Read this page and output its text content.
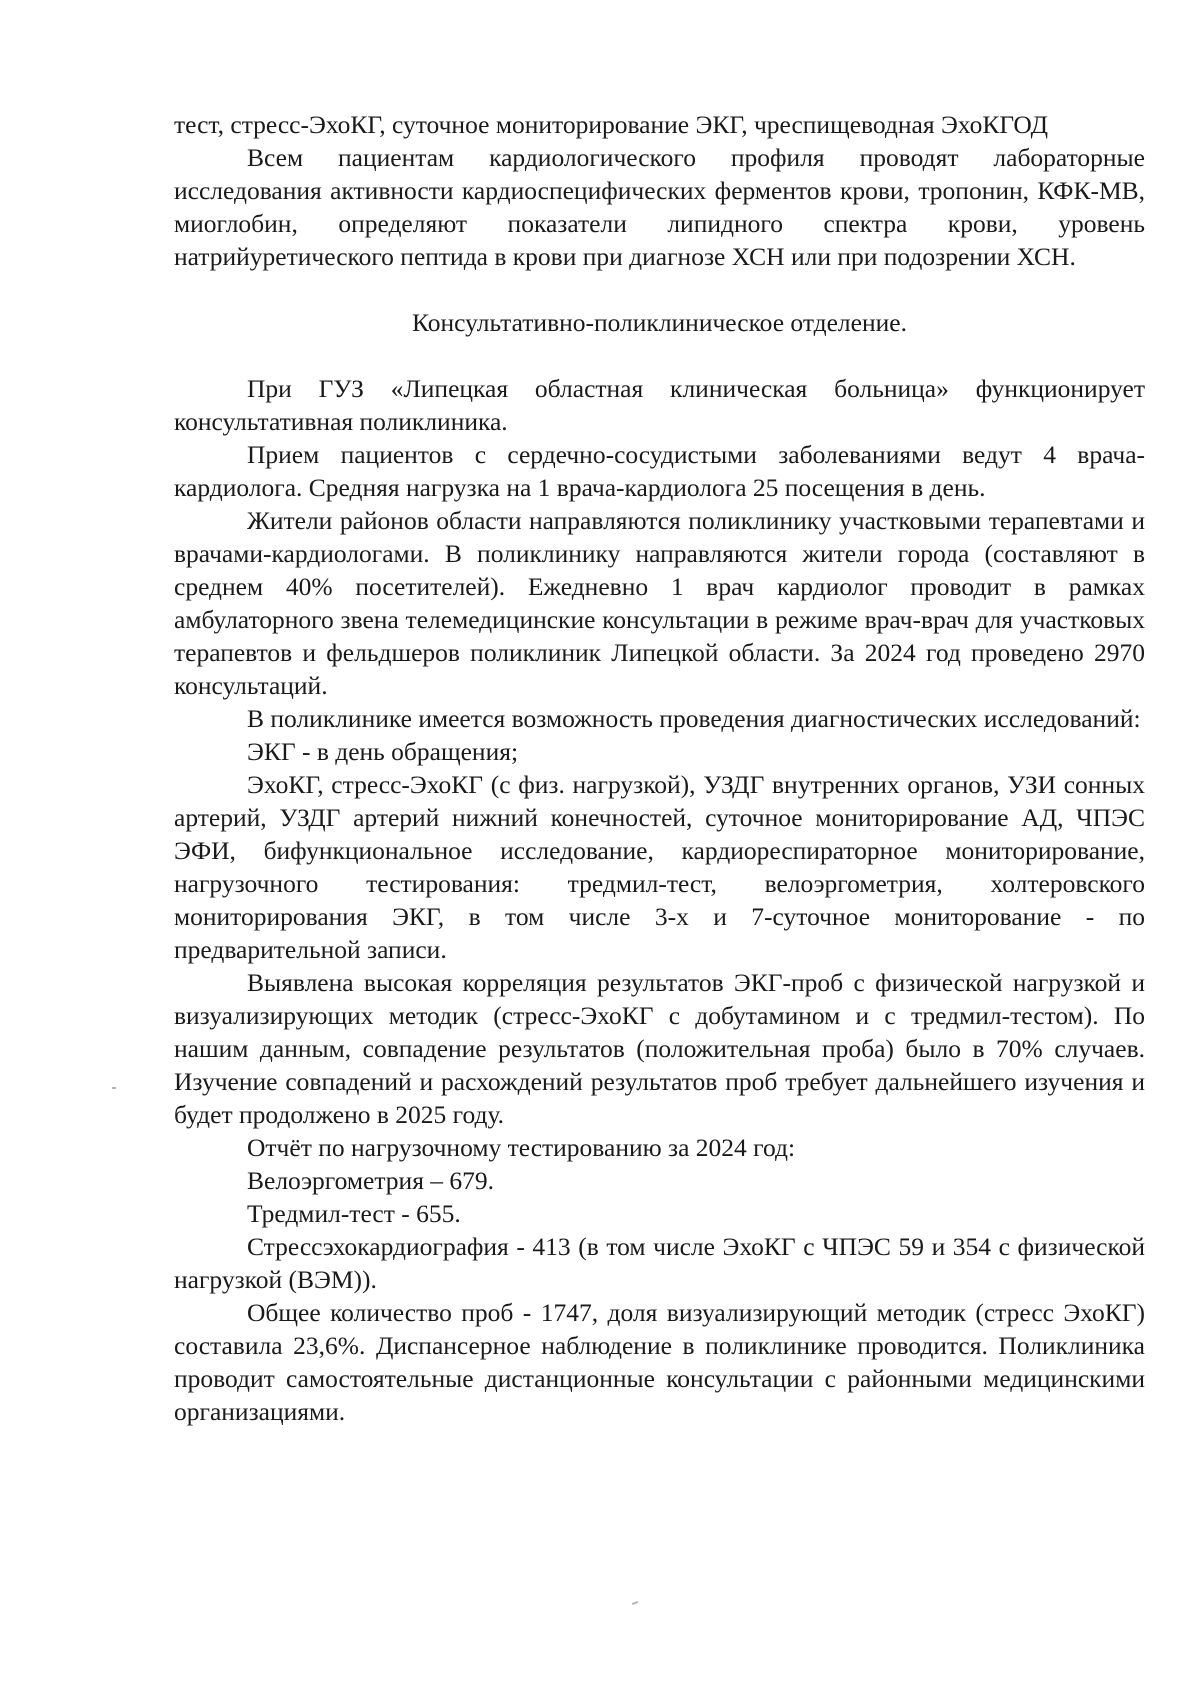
тест, стресс-ЭхоКГ, суточное мониторирование ЭКГ, чреспищеводная ЭхоКГОД

Всем пациентам кардиологического профиля проводят лабораторные исследования активности кардиоспецифических ферментов крови, тропонин, КФК-МВ, миоглобин, определяют показатели липидного спектра крови, уровень натрийуретического пептида в крови при диагнозе ХСН или при подозрении ХСН.

Консультативно-поликлиническое отделение.

При ГУЗ «Липецкая областная клиническая больница» функционирует консультативная поликлиника.

Прием пациентов с сердечно-сосудистыми заболеваниями ведут 4 врача-кардиолога. Средняя нагрузка на 1 врача-кардиолога 25 посещения в день.

Жители районов области направляются поликлинику участковыми терапевтами и врачами-кардиологами. В поликлинику направляются жители города (составляют в среднем 40% посетителей). Ежедневно 1 врач кардиолог проводит в рамках амбулаторного звена телемедицинские консультации в режиме врач-врач для участковых терапевтов и фельдшеров поликлиник Липецкой области. За 2024 год проведено 2970 консультаций.

В поликлинике имеется возможность проведения диагностических исследований:

ЭКГ - в день обращения;

ЭхоКГ, стресс-ЭхоКГ (с физ. нагрузкой), УЗДГ внутренних органов, УЗИ сонных артерий, УЗДГ артерий нижний конечностей, суточное мониторирование АД, ЧПЭС ЭФИ, бифункциональное исследование, кардиореспираторное мониторирование, нагрузочного тестирования: тредмил-тест, велоэргометрия, холтеровского мониторирования ЭКГ, в том числе 3-х и 7-суточное мониторование - по предварительной записи.

Выявлена высокая корреляция результатов ЭКГ-проб с физической нагрузкой и визуализирующих методик (стресс-ЭхоКГ с добутамином и с тредмил-тестом). По нашим данным, совпадение результатов (положительная проба) было в 70% случаев. Изучение совпадений и расхождений результатов проб требует дальнейшего изучения и будет продолжено в 2025 году.

Отчёт по нагрузочному тестированию за 2024 год:

Велоэргометрия – 679.

Тредмил-тест - 655.

Стрессэхокардиография - 413 (в том числе ЭхоКГ с ЧПЭС 59 и 354 с физической нагрузкой (ВЭМ)).

Общее количество проб - 1747, доля визуализирующий методик (стресс ЭхоКГ) составила 23,6%. Диспансерное наблюдение в поликлинике проводится. Поликлиника проводит самостоятельные дистанционные консультации с районными медицинскими организациями.
